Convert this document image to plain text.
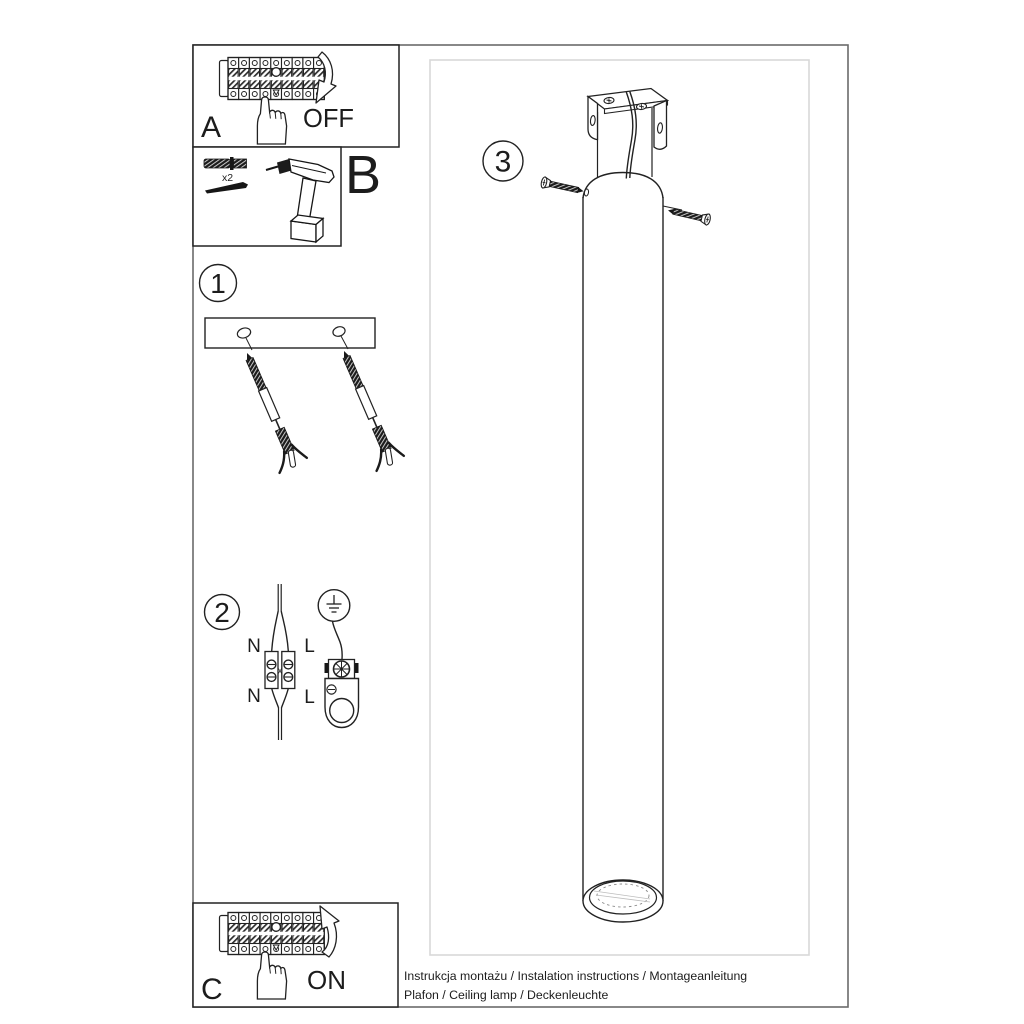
OFF
A
x2 B
1
2
N L
x
N L
3
ON
C	Instrukcja montażu / Instalation instructions / Montageanleitung
Plafon / Ceiling lamp / Deckenleuchte
